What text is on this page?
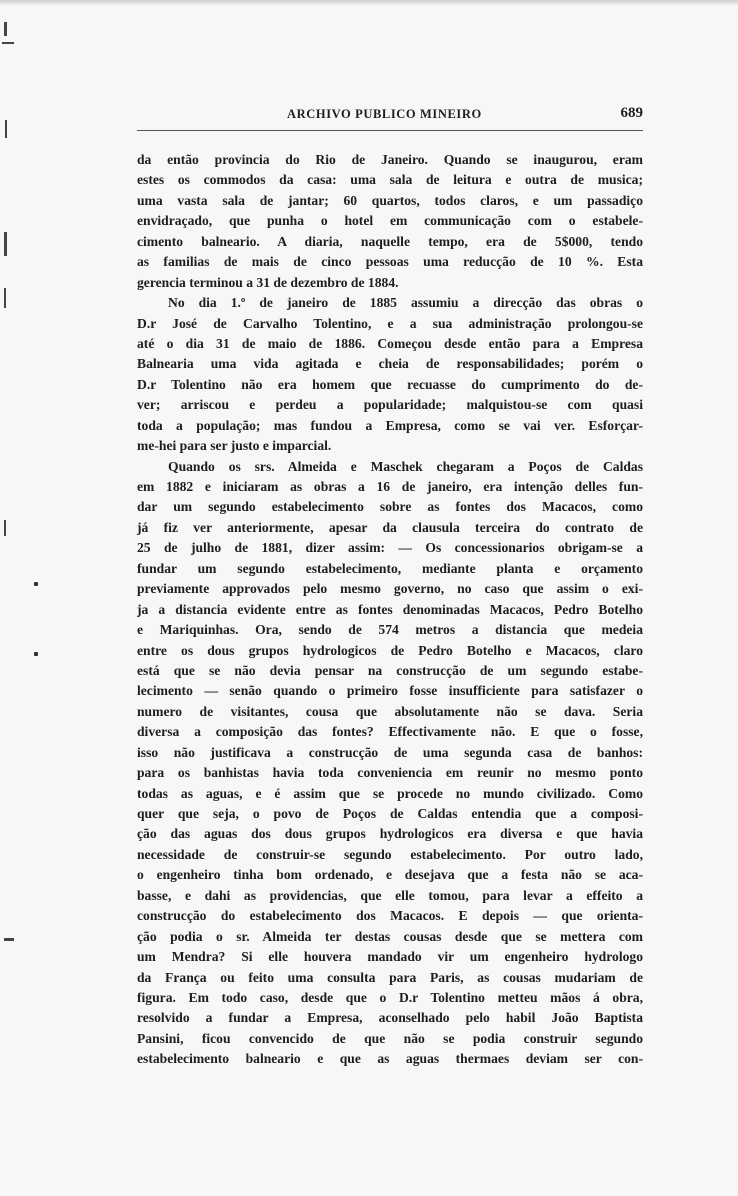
ARCHIVO PUBLICO MINEIRO	689
da então provincia do Rio de Janeiro. Quando se inaugurou, eram
estes os commodos da casa: uma sala de leitura e outra de musica;
uma vasta sala de jantar; 60 quartos, todos claros, e um passadiço
envidraçado, que punha o hotel em communicação com o estabele-
cimento balneario. A diaria, naquelle tempo, era de 5$000, tendo
as familias de mais de cinco pessoas uma reducção de 10 %. Esta
gerencia terminou a 31 de dezembro de 1884.
No dia 1.º de janeiro de 1885 assumiu a direcção das obras o
D.r José de Carvalho Tolentino, e a sua administração prolongou-se
até o dia 31 de maio de 1886. Começou desde então para a Empresa
Balnearia uma vida agitada e cheia de responsabilidades; porém o
D.r Tolentino não era homem que recuasse do cumprimento do de-
ver; arriscou e perdeu a popularidade; malquistou-se com quasi
toda a população; mas fundou a Empresa, como se vai ver. Esforçar-
me-hei para ser justo e imparcial.
Quando os srs. Almeida e Maschek chegaram a Poços de Caldas
em 1882 e iniciaram as obras a 16 de janeiro, era intenção delles fun-
dar um segundo estabelecimento sobre as fontes dos Macacos, como
já fiz ver anteriormente, apesar da clausula terceira do contrato de
25 de julho de 1881, dizer assim: — Os concessionarios obrigam-se a
fundar um segundo estabelecimento, mediante planta e orçamento
previamente approvados pelo mesmo governo, no caso que assim o exi-
ja a distancia evidente entre as fontes denominadas Macacos, Pedro Botelho
e Mariquinhas. Ora, sendo de 574 metros a distancia que medeia
entre os dous grupos hydrologicos de Pedro Botelho e Macacos, claro
está que se não devia pensar na construcção de um segundo estabe-
lecimento — senão quando o primeiro fosse insufficiente para satisfazer o
numero de visitantes, cousa que absolutamente não se dava. Seria
diversa a composição das fontes? Effectivamente não. E que o fosse,
isso não justificava a construcção de uma segunda casa de banhos:
para os banhistas havia toda conveniencia em reunir no mesmo ponto
todas as aguas, e é assim que se procede no mundo civilizado. Como
quer que seja, o povo de Poços de Caldas entendia que a composi-
ção das aguas dos dous grupos hydrologicos era diversa e que havia
necessidade de construir-se segundo estabelecimento. Por outro lado,
o engenheiro tinha bom ordenado, e desejava que a festa não se aca-
basse, e dahi as providencias, que elle tomou, para levar a effeito a
construcção do estabelecimento dos Macacos. E depois — que orienta-
ção podia o sr. Almeida ter destas cousas desde que se mettera com
um Mendra? Si elle houvera mandado vir um engenheiro hydrologo
da França ou feito uma consulta para Paris, as cousas mudariam de
figura. Em todo caso, desde que o D.r Tolentino metteu mãos á obra,
resolvido a fundar a Empresa, aconselhado pelo habil João Baptista
Pansini, ficou convencido de que não se podia construir segundo
estabelecimento balneario e que as aguas thermaes deviam ser con-
